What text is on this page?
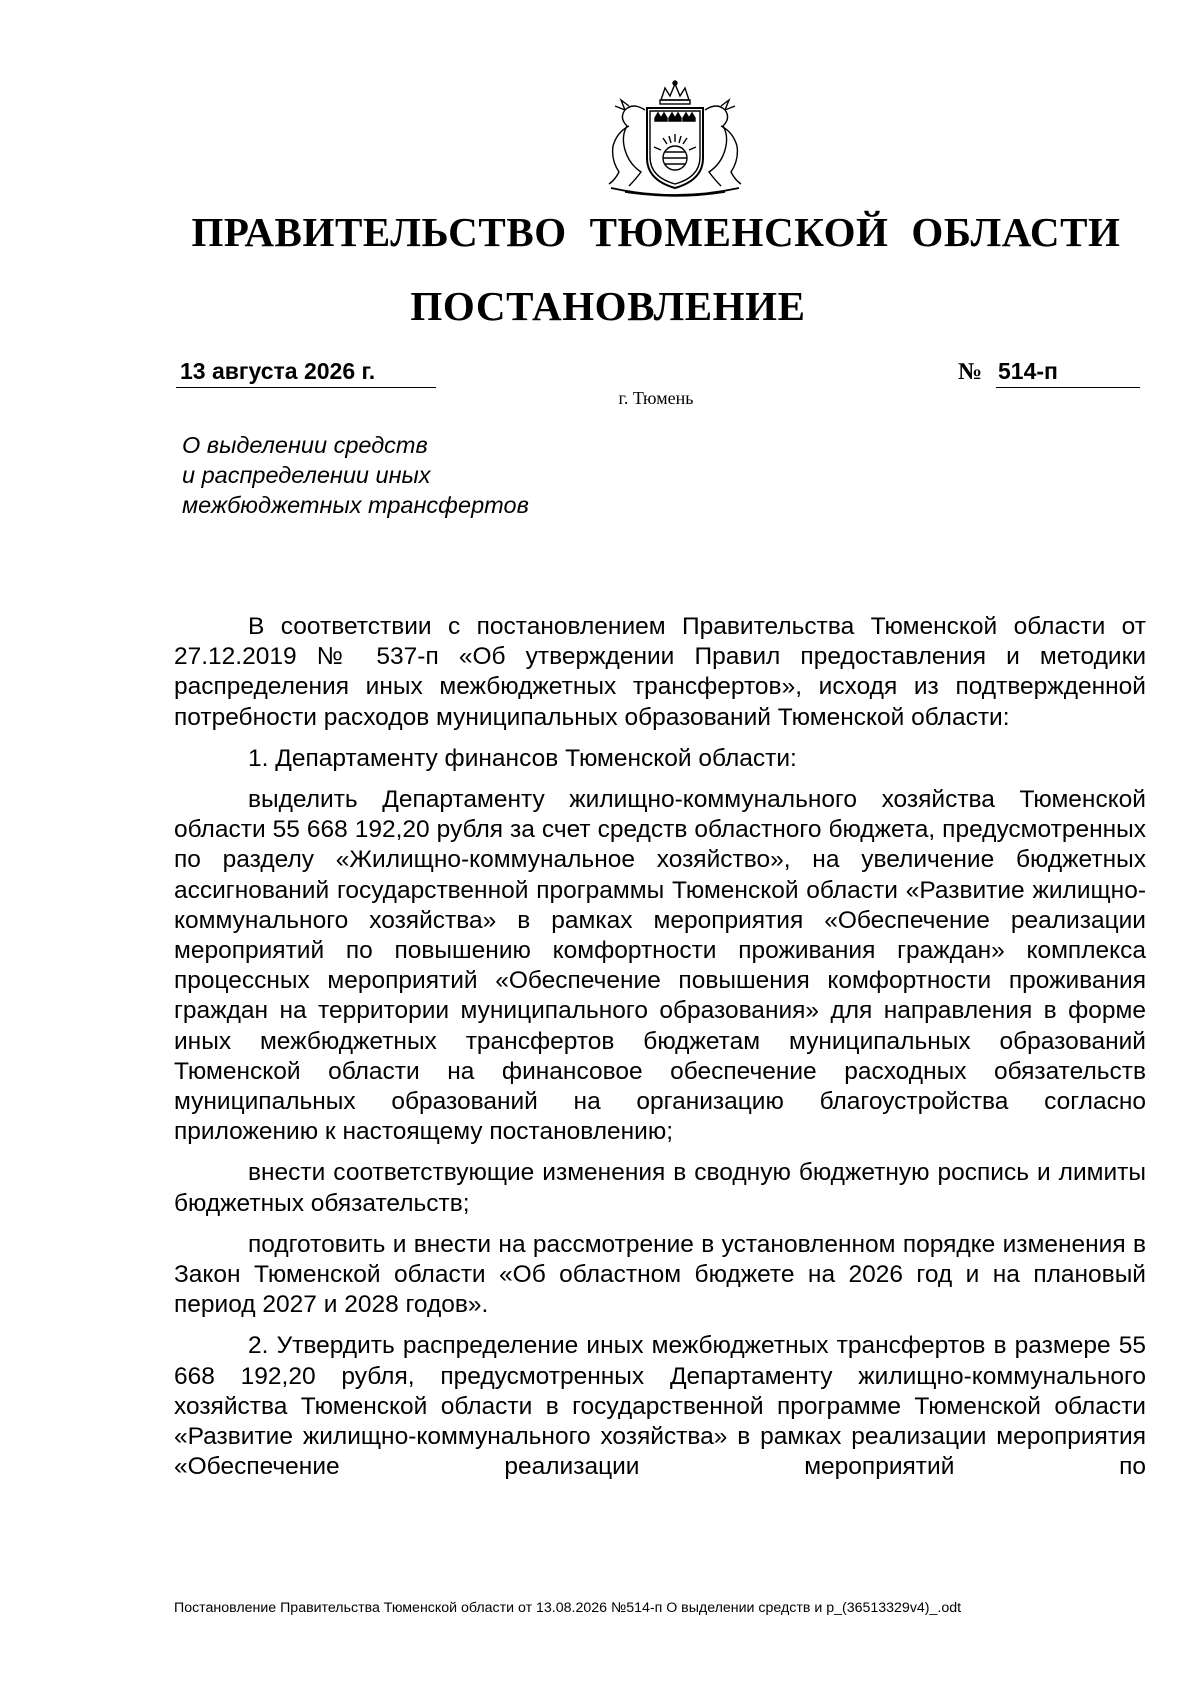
ПРАВИТЕЛЬСТВО ТЮМЕНСКОЙ ОБЛАСТИ
ПОСТАНОВЛЕНИЕ
13 августа 2026 г.	№ 514-п
г. Тюмень
О выделении средств
и распределении иных
межбюджетных трансфертов

В соответствии с постановлением Правительства Тюменской области от 27.12.2019 № 537-п «Об утверждении Правил предоставления и методики распределения иных межбюджетных трансфертов», исходя из подтвержденной потребности расходов муниципальных образований Тюменской области:

1. Департаменту финансов Тюменской области:

выделить Департаменту жилищно-коммунального хозяйства Тюменской области 55 668 192,20 рубля за счет средств областного бюджета, предусмотренных по разделу «Жилищно-коммунальное хозяйство», на увеличение бюджетных ассигнований государственной программы Тюменской области «Развитие жилищно-коммунального хозяйства» в рамках мероприятия «Обеспечение реализации мероприятий по повышению комфортности проживания граждан» комплекса процессных мероприятий «Обеспечение повышения комфортности проживания граждан на территории муниципального образования» для направления в форме иных межбюджетных трансфертов бюджетам муниципальных образований Тюменской области на финансовое обеспечение расходных обязательств муниципальных образований на организацию благоустройства согласно приложению к настоящему постановлению;

внести соответствующие изменения в сводную бюджетную роспись и лимиты бюджетных обязательств;

подготовить и внести на рассмотрение в установленном порядке изменения в Закон Тюменской области «Об областном бюджете на 2026 год и на плановый период 2027 и 2028 годов».

2. Утвердить распределение иных межбюджетных трансфертов в размере 55 668 192,20 рубля, предусмотренных Департаменту жилищно-коммунального хозяйства Тюменской области в государственной программе Тюменской области «Развитие жилищно-коммунального хозяйства» в рамках реализации мероприятия «Обеспечение реализации мероприятий по

Постановление Правительства Тюменской области от 13.08.2026 №514-п О выделении средств и р_(36513329v4)_.odt
